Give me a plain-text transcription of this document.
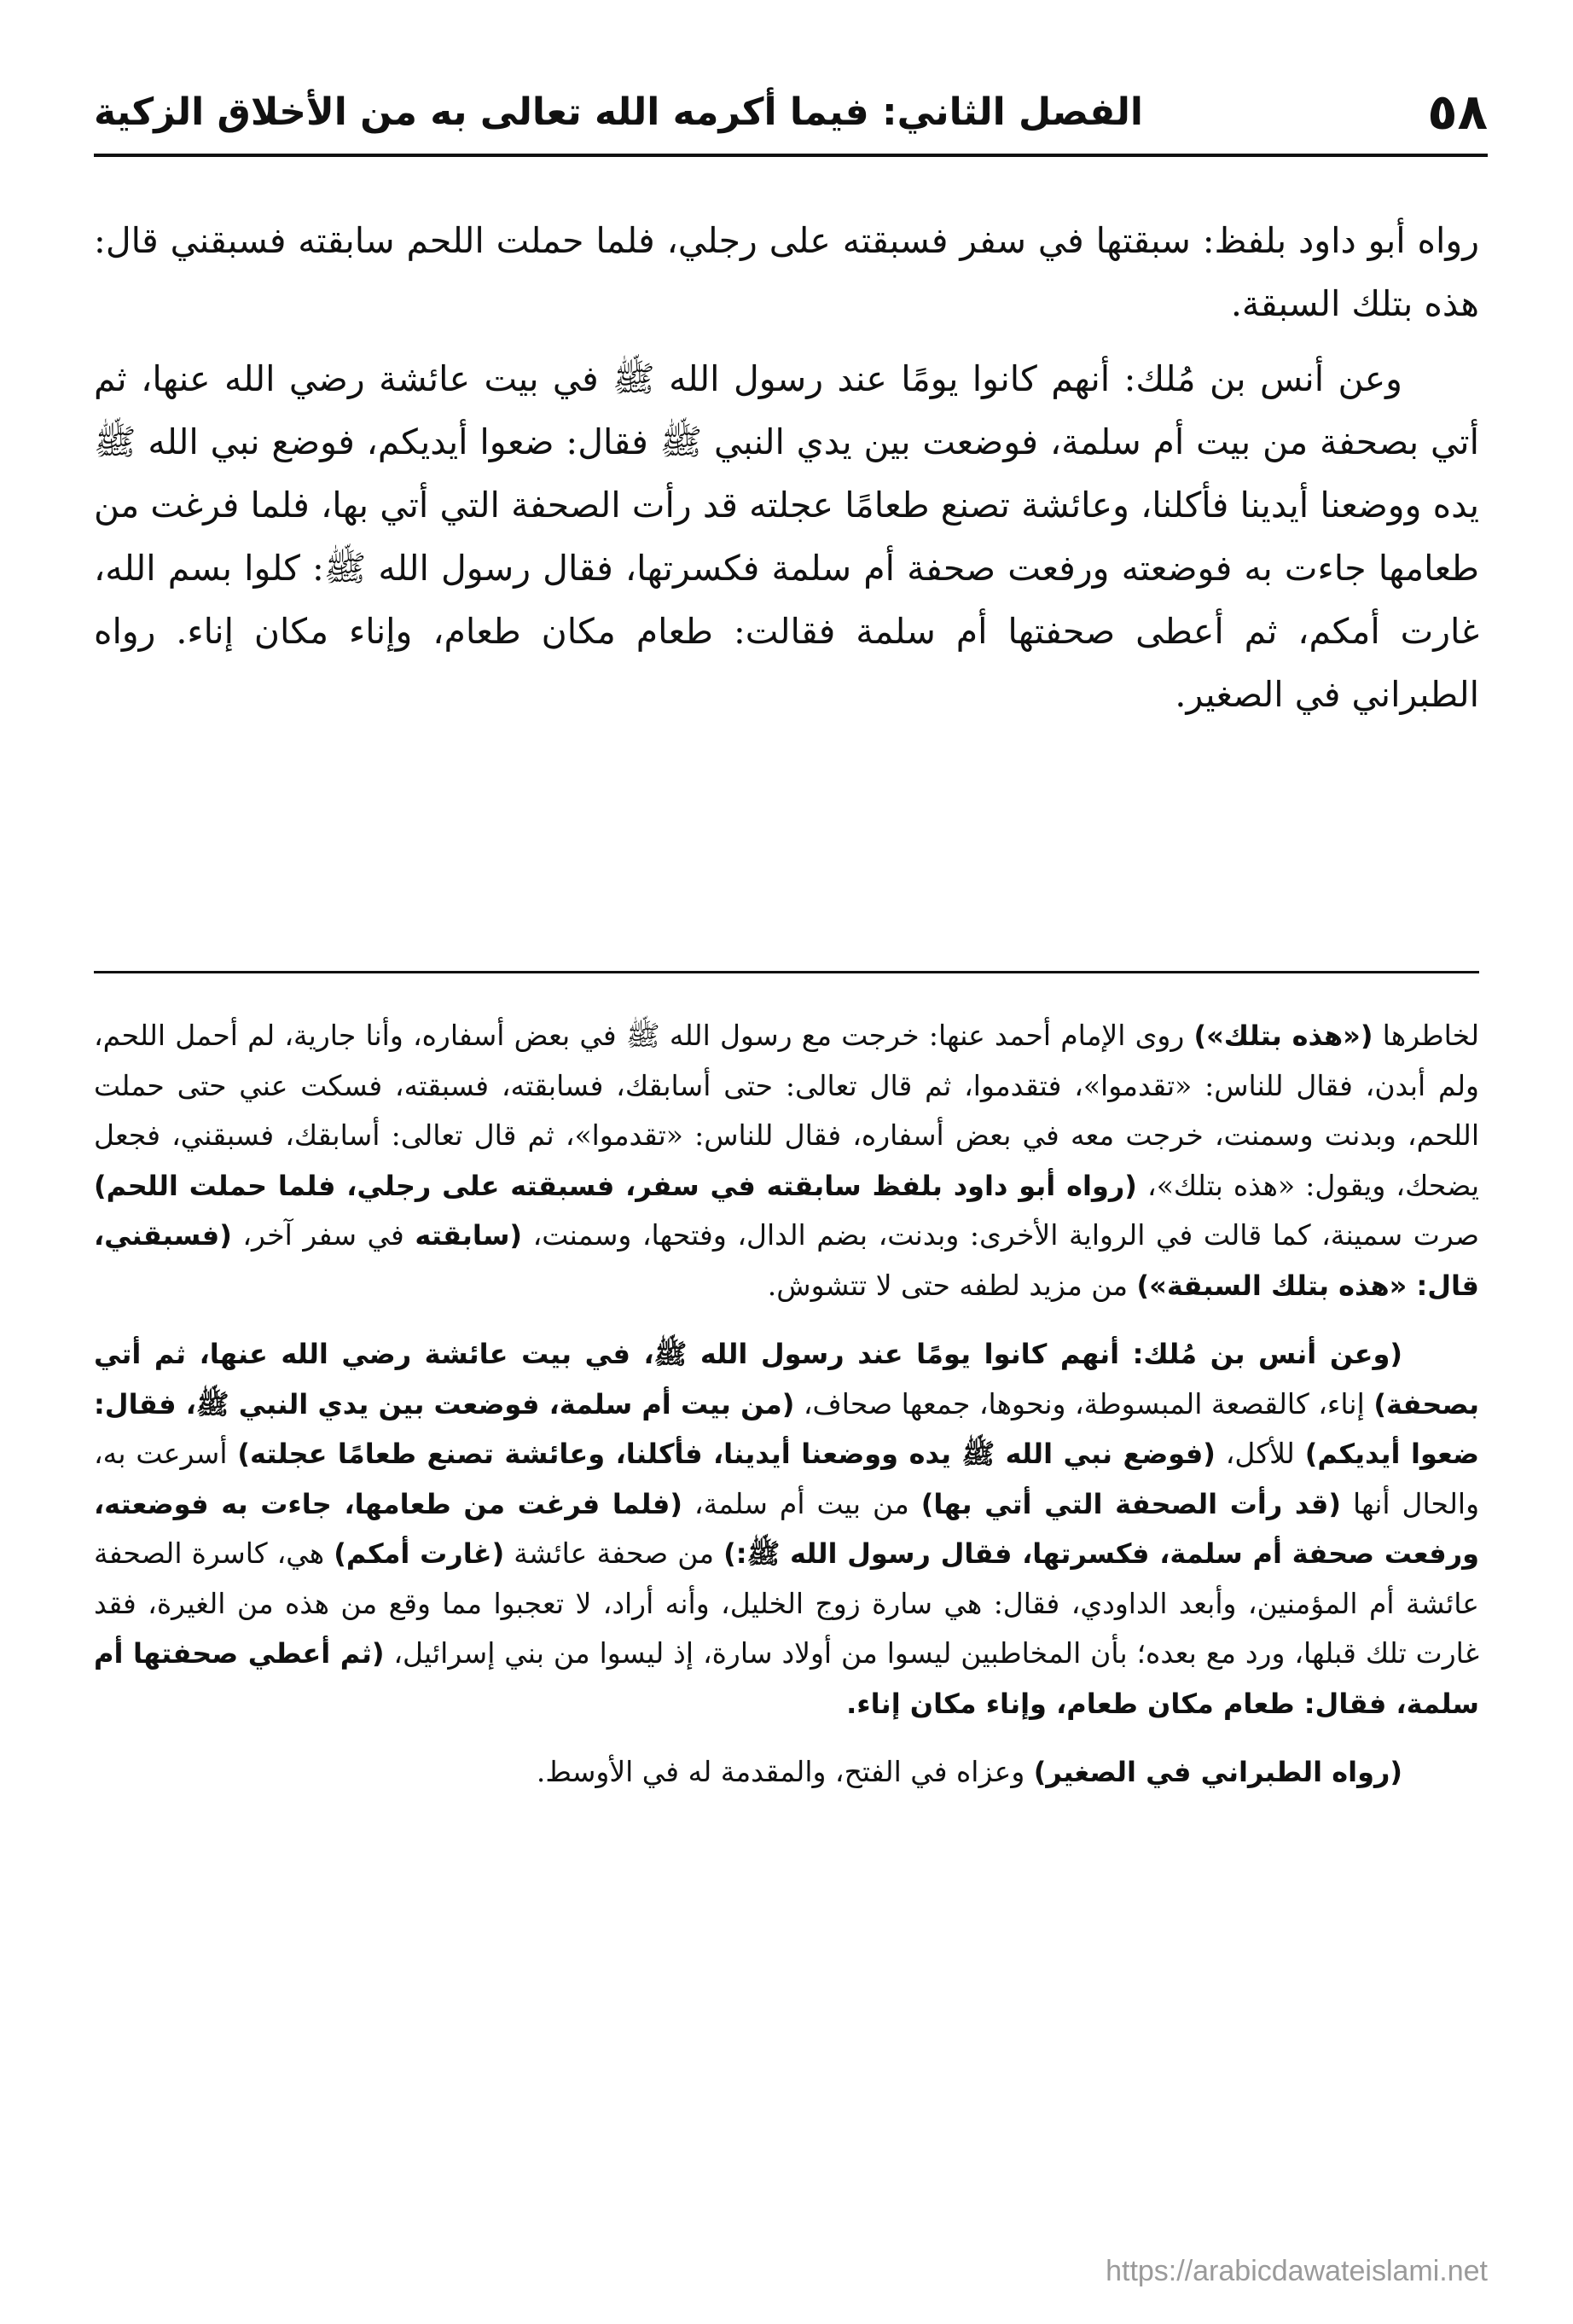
٥٨
الفصل الثاني: فيما أكرمه الله تعالى به من الأخلاق الزكية

رواه أبو داود بلفظ: سبقتها في سفر فسبقته على رجلي، فلما حملت اللحم سابقته فسبقني قال: هذه بتلك السبقة.

وعن أنس بن مُلك: أنهم كانوا يومًا عند رسول الله ﷺ في بيت عائشة رضي الله عنها، ثم أتي بصحفة من بيت أم سلمة، فوضعت بين يدي النبي ﷺ فقال: ضعوا أيديكم، فوضع نبي الله ﷺ يده ووضعنا أيدينا فأكلنا، وعائشة تصنع طعامًا عجلته قد رأت الصحفة التي أتي بها، فلما فرغت من طعامها جاءت به فوضعته ورفعت صحفة أم سلمة فكسرتها، فقال رسول الله ﷺ: كلوا بسم الله، غارت أمكم، ثم أعطى صحفتها أم سلمة فقالت: طعام مكان طعام، وإناء مكان إناء. رواه الطبراني في الصغير.

لخاطرها («هذه بتلك») روى الإمام أحمد عنها: خرجت مع رسول الله ﷺ في بعض أسفاره، وأنا جارية، لم أحمل اللحم، ولم أبدن، فقال للناس: «تقدموا»، فتقدموا، ثم قال تعالى: حتى أسابقك، فسابقته، فسبقته، فسكت عني حتى حملت اللحم، وبدنت وسمنت، خرجت معه في بعض أسفاره، فقال للناس: «تقدموا»، ثم قال تعالى: أسابقك، فسبقني، فجعل يضحك، ويقول: «هذه بتلك»، (رواه أبو داود بلفظ سابقته في سفر، فسبقته على رجلي، فلما حملت اللحم) صرت سمينة، كما قالت في الرواية الأخرى: وبدنت، بضم الدال، وفتحها، وسمنت، (سابقته في سفر آخر، (فسبقني، قال: «هذه بتلك السبقة») من مزيد لطفه حتى لا تتشوش.

(وعن أنس بن مُلك: أنهم كانوا يومًا عند رسول الله ﷺ، في بيت عائشة رضي الله عنها، ثم أتي بصحفة) إناء، كالقصعة المبسوطة، ونحوها، جمعها صحاف، (من بيت أم سلمة، فوضعت بين يدي النبي ﷺ، فقال: ضعوا أيديكم) للأكل، (فوضع نبي الله ﷺ يده ووضعنا أيدينا، فأكلنا، وعائشة تصنع طعامًا عجلته) أسرعت به، والحال أنها (قد رأت الصحفة التي أتي بها) من بيت أم سلمة، (فلما فرغت من طعامها، جاءت به فوضعته، ورفعت صحفة أم سلمة، فكسرتها، فقال رسول الله ﷺ:) من صحفة عائشة (غارت أمكم) هي، كاسرة الصحفة عائشة أم المؤمنين، وأبعد الداودي، فقال: هي سارة زوج الخليل، وأنه أراد، لا تعجبوا مما وقع من هذه من الغيرة، فقد غارت تلك قبلها، ورد مع بعده؛ بأن المخاطبين ليسوا من أولاد سارة، إذ ليسوا من بني إسرائيل، (ثم أعطي صحفتها أم سلمة، فقال: طعام مكان طعام، وإناء مكان إناء.

(رواه الطبراني في الصغير) وعزاه في الفتح، والمقدمة له في الأوسط.

https://arabicdawateislami.net
